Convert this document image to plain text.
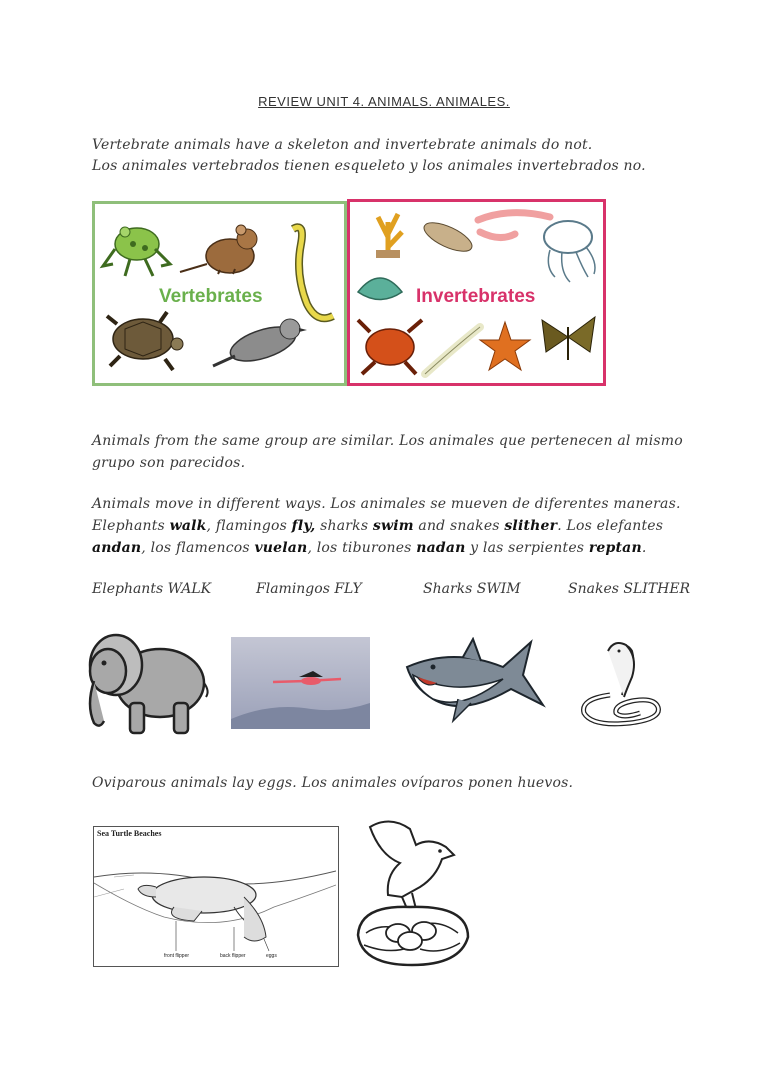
REVIEW UNIT 4. ANIMALS. ANIMALES.
Vertebrate animals have a skeleton and invertebrate animals do not.
Los animales vertebrados tienen esqueleto y los animales invertebrados no.
Vertebrates	Invertebrates
Animals from the same group are similar. Los animales que pertenecen al mismo
grupo son parecidos.
Animals move in different ways. Los animales se mueven de diferentes maneras.
Elephants walk, flamingos fly, sharks swim and snakes slither. Los elefantes
andan, los flamencos vuelan, los tiburones nadan y las serpientes reptan.
Elephants WALK	Flamingos FLY	Sharks SWIM	Snakes SLITHER
Oviparous animals lay eggs. Los animales ovíparos ponen huevos.
Sea Turtle Beaches
front flipper	back flipper	eggs
